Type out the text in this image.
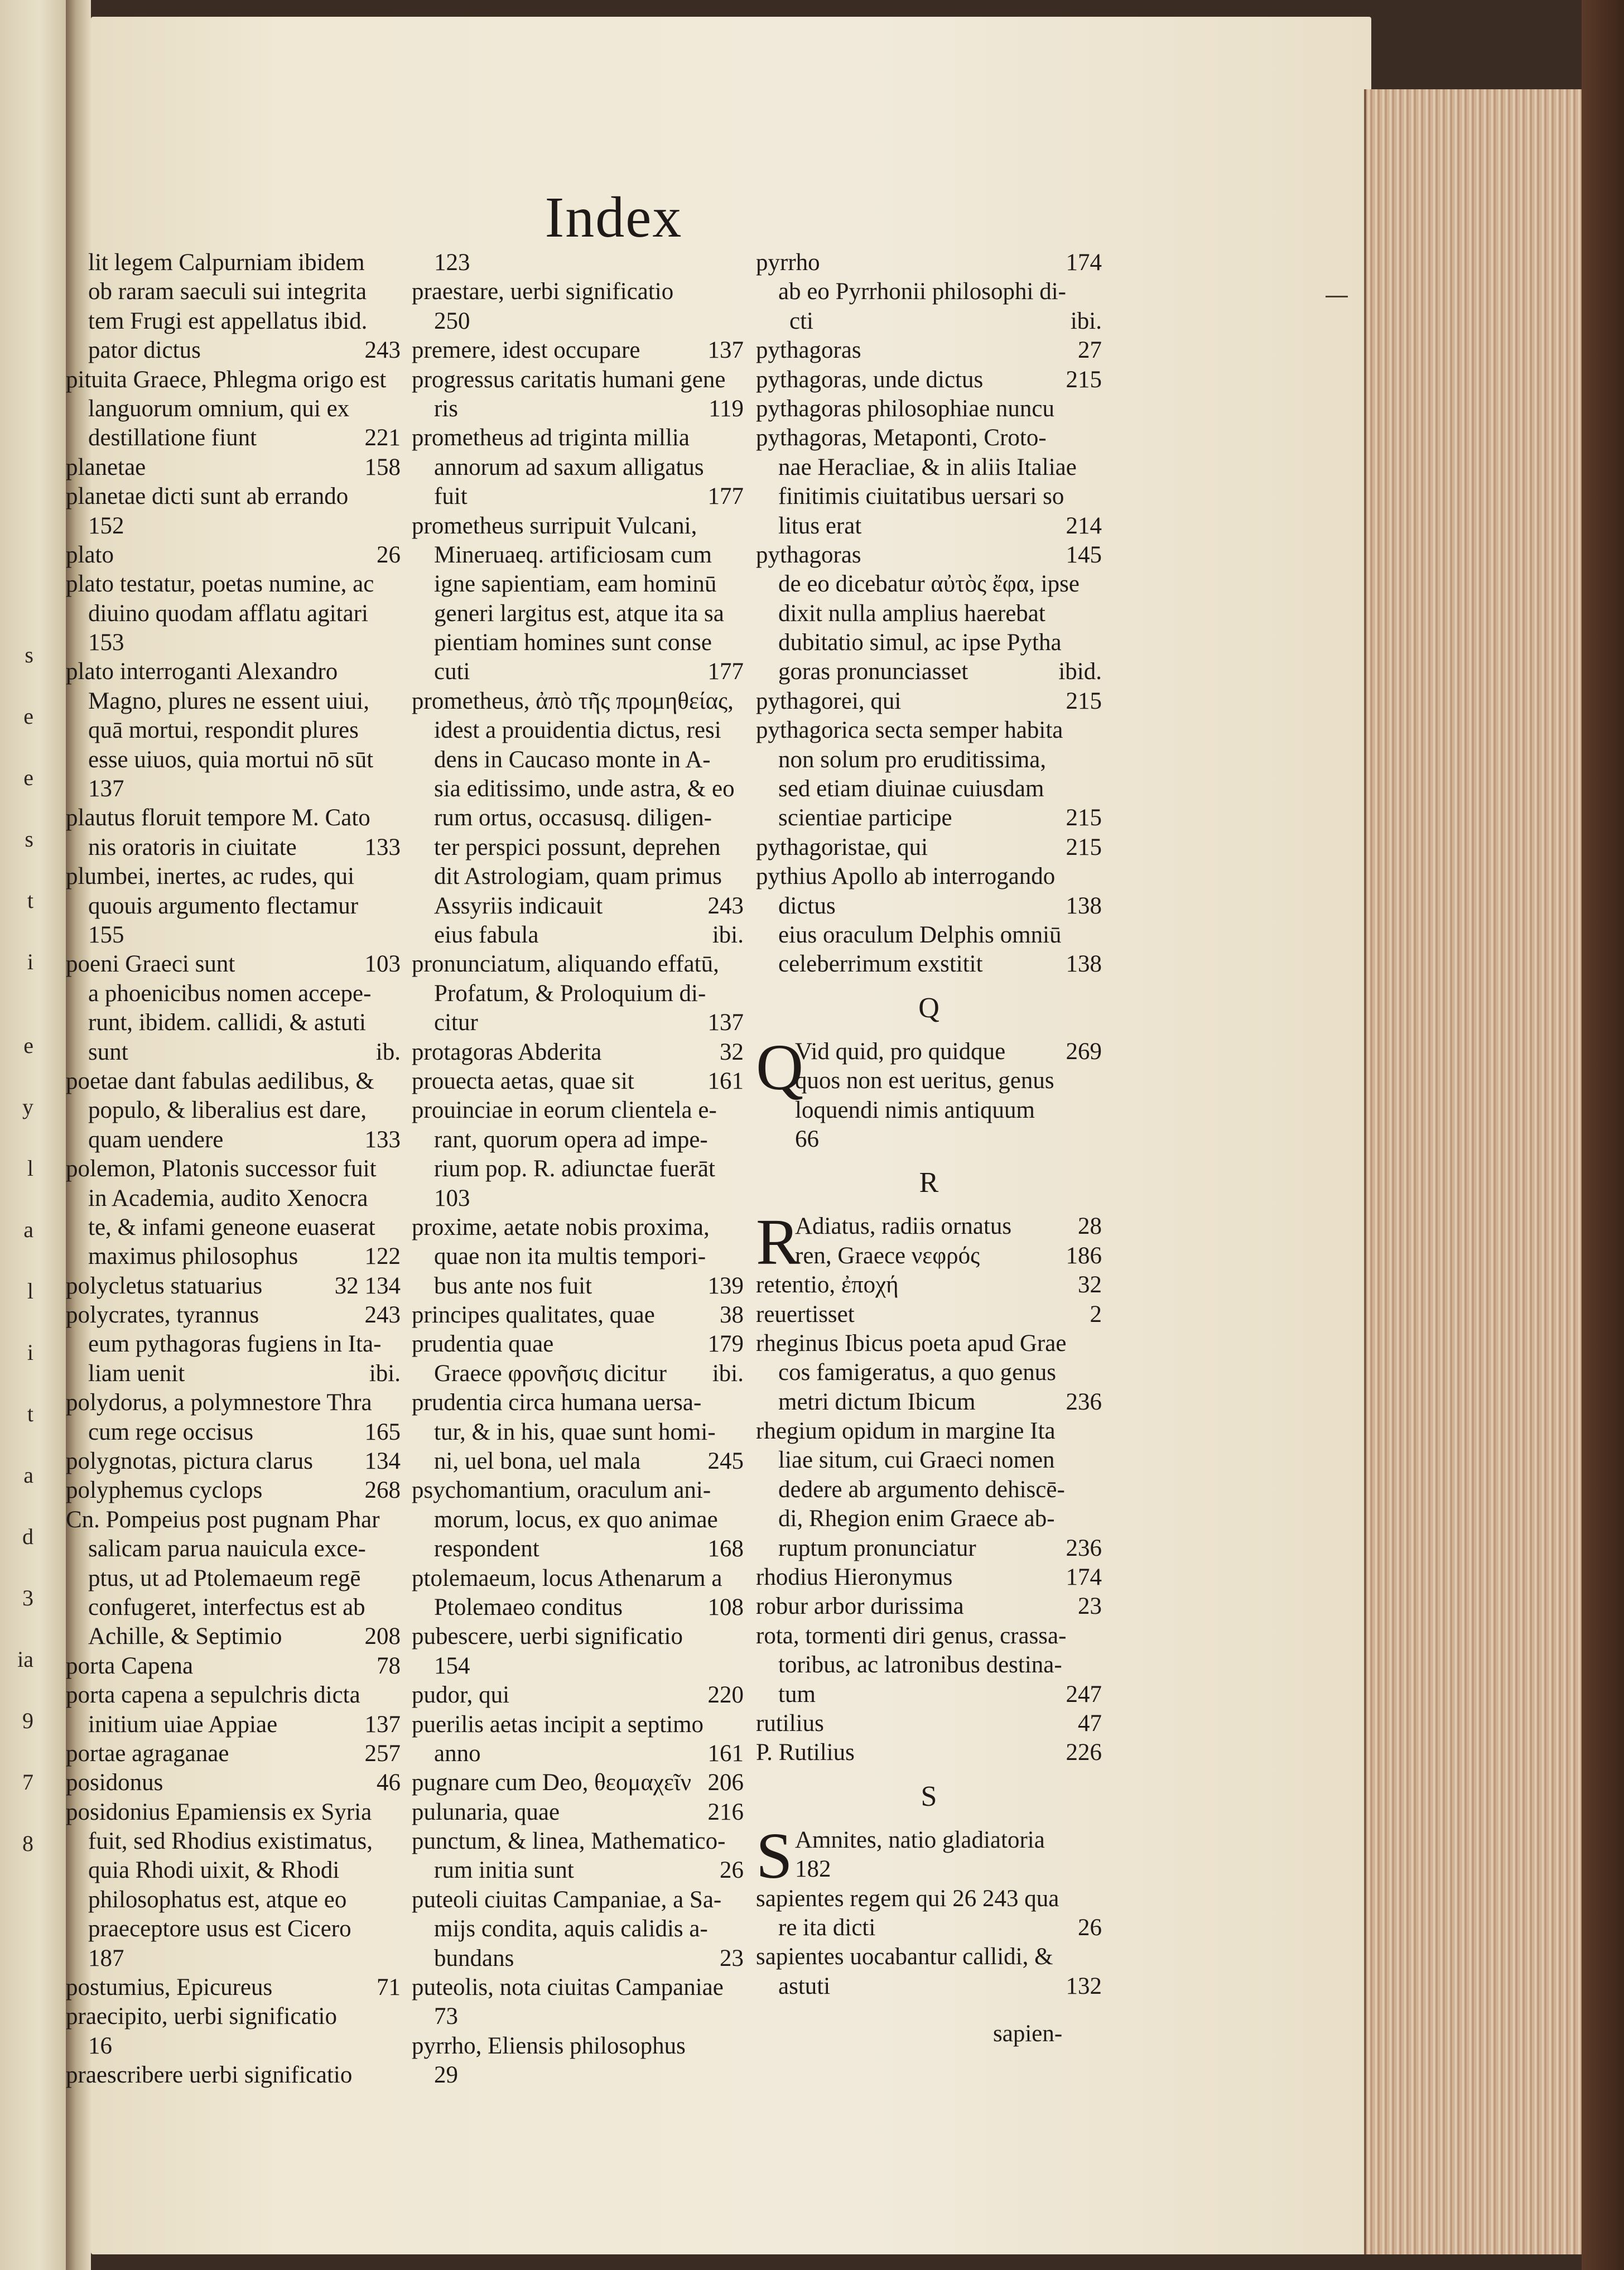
s
e
e
s
t
i
e
y
l
a
l
i
t
a
d
3
ia
9
7
8
Index
lit legem Calpurniam ibidem
ob raram saeculi sui integrita
tem Frugi est appellatus ibid.
pator dictus	243
pituita Graece, Phlegma origo est
languorum omnium, qui ex
destillatione fiunt	221
planetae	158
planetae dicti sunt ab errando
152
plato	26
plato testatur, poetas numine, ac
diuino quodam afflatu agitari
153
plato interroganti Alexandro
Magno, plures ne essent uiui,
quā mortui, respondit plures
esse uiuos, quia mortui nō sūt
137
plautus floruit tempore M. Cato
nis oratoris in ciuitate	133
plumbei, inertes, ac rudes, qui
quouis argumento flectamur
155
poeni Graeci sunt	103
a phoenicibus nomen accepe-
runt, ibidem. callidi, & astuti
sunt	ib.
poetae dant fabulas aedilibus, &
populo, & liberalius est dare,
quam uendere	133
polemon, Platonis successor fuit
in Academia, audito Xenocra
te, & infami geneone euaserat
maximus philosophus	122
polycletus statuarius	32 134
polycrates, tyrannus	243
eum pythagoras fugiens in Ita-
liam uenit	ibi.
polydorus, a polymnestore Thra
cum rege occisus	165
polygnotas, pictura clarus 134
polyphemus cyclops	268
Cn. Pompeius post pugnam Phar
salicam parua nauicula exce-
ptus, ut ad Ptolemaeum regē
confugeret, interfectus est ab
Achille, & Septimio	208
porta Capena	78
porta capena a sepulchris dicta
initium uiae Appiae	137
portae agraganae	257
posidonus	46
posidonius Epamiensis ex Syria
fuit, sed Rhodius existimatus,
quia Rhodi uixit, & Rhodi
philosophatus est, atque eo
praeceptore usus est Cicero
187
postumius, Epicureus	71
praecipito, uerbi significatio
16
praescribere uerbi significatio
123
praestare, uerbi significatio
250
premere, idest occupare	137
progressus caritatis humani gene
ris	119
prometheus ad triginta millia
annorum ad saxum alligatus
fuit	177
prometheus surripuit Vulcani,
Mineruaeq. artificiosam cum
igne sapientiam, eam hominū
generi largitus est, atque ita sa
pientiam homines sunt conse
cuti	177
prometheus, ἀπὸ τῆς προμηθείας,
idest a prouidentia dictus, resi
dens in Caucaso monte in A-
sia editissimo, unde astra, & eo
rum ortus, occasusq. diligen-
ter perspici possunt, deprehen
dit Astrologiam, quam primus
Assyriis indicauit	243
eius fabula	ibi.
pronunciatum, aliquando effatū,
Profatum, & Proloquium di-
citur	137
protagoras Abderita	32
prouecta aetas, quae sit	161
prouinciae in eorum clientela e-
rant, quorum opera ad impe-
rium pop. R. adiunctae fuerāt
103
proxime, aetate nobis proxima,
quae non ita multis tempori-
bus ante nos fuit	139
principes qualitates, quae	38
prudentia quae	179
Graece φρονῆσις dicitur ibi.
prudentia circa humana uersa-
tur, & in his, quae sunt homi-
ni, uel bona, uel mala	245
psychomantium, oraculum ani-
morum, locus, ex quo animae
respondent	168
ptolemaeum, locus Athenarum a
Ptolemaeo conditus	108
pubescere, uerbi significatio
154
pudor, qui	220
puerilis aetas incipit a septimo
anno	161
pugnare cum Deo, θεομαχεῖν 206
pulunaria, quae	216
punctum, & linea, Mathematico-
rum initia sunt	26
puteoli ciuitas Campaniae, a Sa-
mijs condita, aquis calidis a-
bundans	23
puteolis, nota ciuitas Campaniae
73
pyrrho, Eliensis philosophus
29
pyrrho	174
ab eo Pyrrhonii philosophi di-
cti	ibi.
pythagoras	27
pythagoras, unde dictus	215
pythagoras philosophiae nuncu
pythagoras, Metaponti, Croto-
nae Heracliae, & in aliis Italiae
finitimis ciuitatibus uersari so
litus erat	214
pythagoras	145
de eo dicebatur αὐτὸς ἔφα, ipse
dixit nulla amplius haerebat
dubitatio simul, ac ipse Pytha
goras pronunciasset	ibid.
pythagorei, qui	215
pythagorica secta semper habita
non solum pro eruditissima,
sed etiam diuinae cuiusdam
scientiae participe	215
pythagoristae, qui	215
pythius Apollo ab interrogando
dictus	138
eius oraculum Delphis omniū
celeberrimum exstitit	138
Q
Q
Vid quid, pro quidque	269
quos non est ueritus, genus
loquendi nimis antiquum
66
R
R
Adiatus, radiis ornatus	28
ren, Graece νεφρός	186
retentio, ἐποχή	32
reuertisset	2
rheginus Ibicus poeta apud Grae
cos famigeratus, a quo genus
metri dictum Ibicum	236
rhegium opidum in margine Ita
liae situm, cui Graeci nomen
dedere ab argumento dehiscē-
di, Rhegion enim Graece ab-
ruptum pronunciatur	236
rhodius Hieronymus	174
robur arbor durissima	23
rota, tormenti diri genus, crassa-
toribus, ac latronibus destina-
tum	247
rutilius	47
P. Rutilius	226
S
S Amnites, natio gladiatoria
182
sapientes regem qui 26 243 qua
re ita dicti	26
sapientes uocabantur callidi, &
astuti	132
sapien-
